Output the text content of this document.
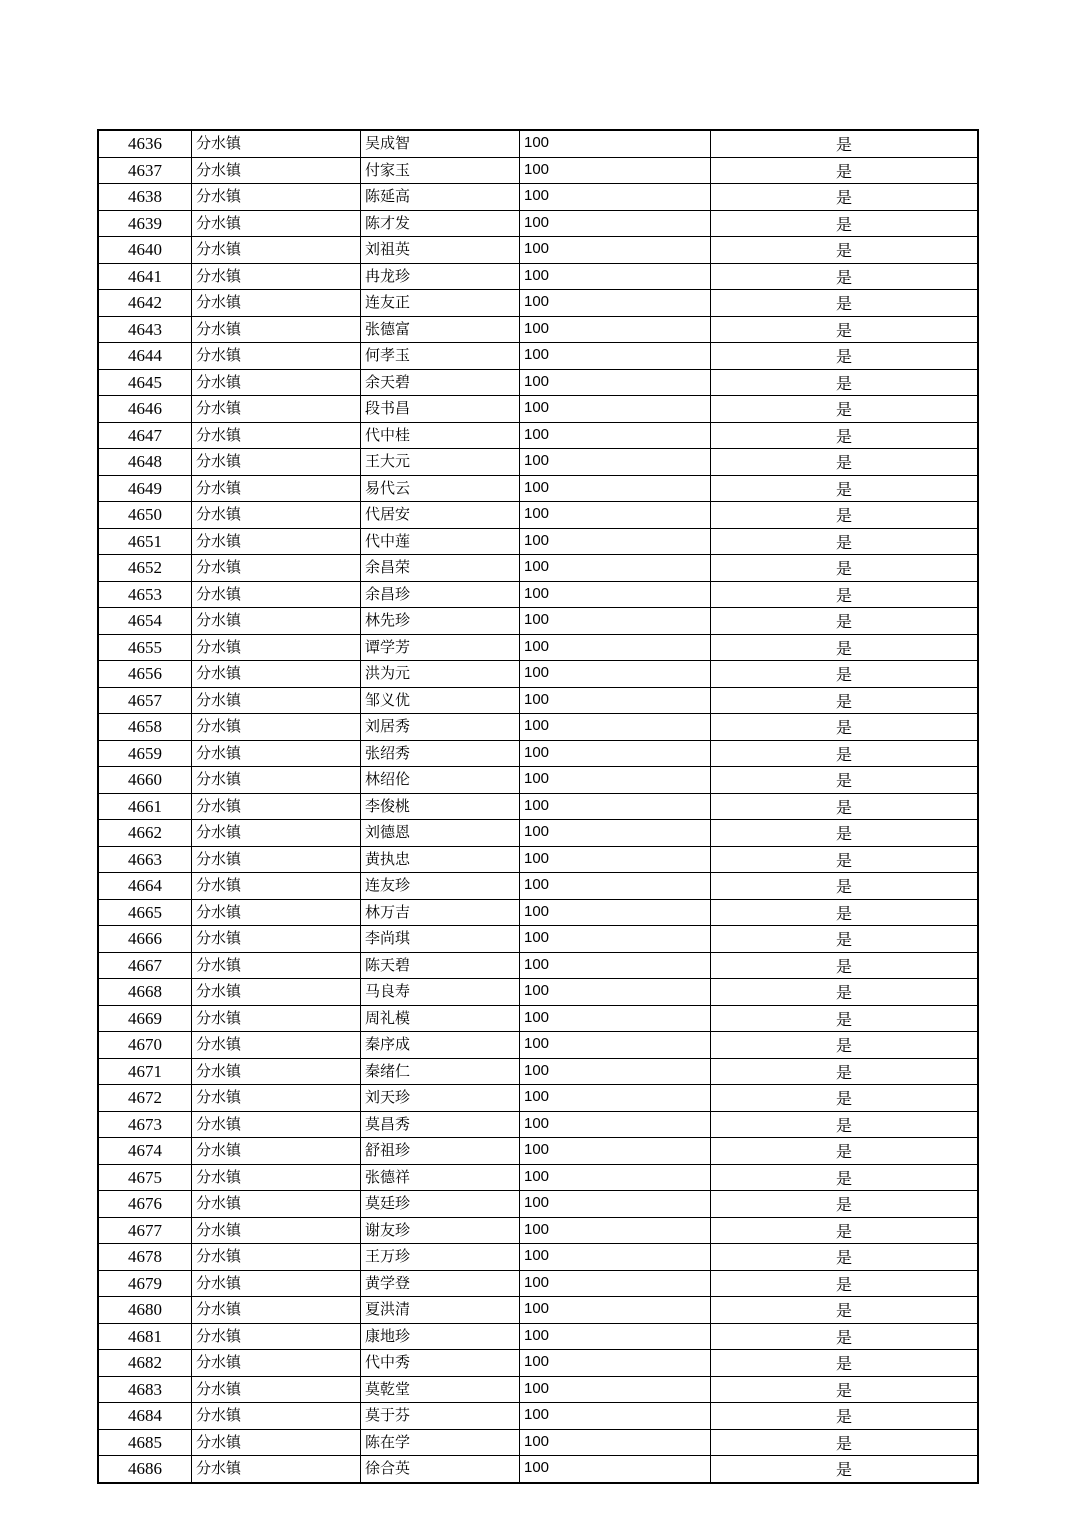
4636	分水镇	吴成智	100	是
4637	分水镇	付家玉	100	是
4638	分水镇	陈延高	100	是
4639	分水镇	陈才发	100	是
4640	分水镇	刘祖英	100	是
4641	分水镇	冉龙珍	100	是
4642	分水镇	连友正	100	是
4643	分水镇	张德富	100	是
4644	分水镇	何孝玉	100	是
4645	分水镇	余天碧	100	是
4646	分水镇	段书昌	100	是
4647	分水镇	代中桂	100	是
4648	分水镇	王大元	100	是
4649	分水镇	易代云	100	是
4650	分水镇	代居安	100	是
4651	分水镇	代中莲	100	是
4652	分水镇	余昌荣	100	是
4653	分水镇	余昌珍	100	是
4654	分水镇	林先珍	100	是
4655	分水镇	谭学芳	100	是
4656	分水镇	洪为元	100	是
4657	分水镇	邹义优	100	是
4658	分水镇	刘居秀	100	是
4659	分水镇	张绍秀	100	是
4660	分水镇	林绍伦	100	是
4661	分水镇	李俊桃	100	是
4662	分水镇	刘德恩	100	是
4663	分水镇	黄执忠	100	是
4664	分水镇	连友珍	100	是
4665	分水镇	林万吉	100	是
4666	分水镇	李尚琪	100	是
4667	分水镇	陈天碧	100	是
4668	分水镇	马良寿	100	是
4669	分水镇	周礼模	100	是
4670	分水镇	秦序成	100	是
4671	分水镇	秦绪仁	100	是
4672	分水镇	刘天珍	100	是
4673	分水镇	莫昌秀	100	是
4674	分水镇	舒祖珍	100	是
4675	分水镇	张德祥	100	是
4676	分水镇	莫廷珍	100	是
4677	分水镇	谢友珍	100	是
4678	分水镇	王万珍	100	是
4679	分水镇	黄学登	100	是
4680	分水镇	夏洪清	100	是
4681	分水镇	康地珍	100	是
4682	分水镇	代中秀	100	是
4683	分水镇	莫乾堂	100	是
4684	分水镇	莫于芬	100	是
4685	分水镇	陈在学	100	是
4686	分水镇	徐合英	100	是
